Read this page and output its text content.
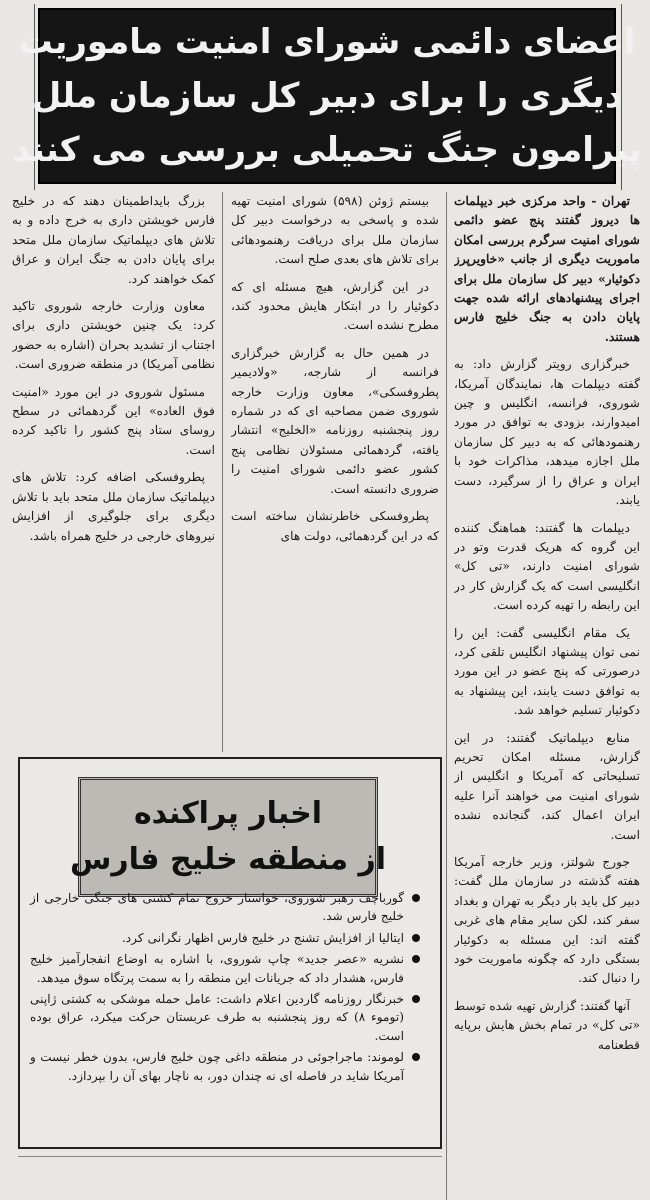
اعضای دائمی شورای امنیت ماموریت
دیگری را برای دبیر کل سازمان ملل
پیرامون جنگ تحمیلی بررسی می کنند

تهران - واحد مرکزی خبر دیپلمات ها دیروز گفتند پنج عضو دائمی شورای امنیت سرگرم بررسی امکان ماموریت دیگری از جانب «خاویرپرز دکوئیار» دبیر کل سازمان ملل برای اجرای پیشنهادهای ارائه شده جهت پایان دادن به جنگ خلیج فارس هستند.

خبرگزاری رویتر گزارش داد: به گفته دیپلمات ها، نمایندگان آمریکا، شوروی، فرانسه، انگلیس و چین امیدوارند، بزودی به توافق در مورد رهنمودهائی که به دبیر کل سازمان ملل اجازه میدهد، مذاکرات خود با ایران و عراق را از سرگیرد، دست یابند.

دیپلمات ها گفتند: هماهنگ کننده این گروه که هریک قدرت وتو در شورای امنیت دارند، «تی کل» انگلیسی است که یک گزارش کار در این رابطه را تهیه کرده است.

یک مقام انگلیسی گفت: این را نمی توان پیشنهاد انگلیس تلقی کرد، درصورتی که پنج عضو در این مورد به توافق دست یابند، این پیشنهاد به دکوئیار تسلیم خواهد شد.

منابع دیپلماتیک گفتند: در این گزارش، مسئله امکان تحریم تسلیحاتی که آمریکا و انگلیس از شورای امنیت می خواهند آنرا علیه ایران اعمال کند، گنجانده نشده است.

جورج شولتز، وزیر خارجه آمریکا هفته گذشته در سازمان ملل گفت: دبیر کل باید بار دیگر به تهران و بغداد سفر کند، لکن سایر مقام های غربی گفته اند: این مسئله به دکوئیار بستگی دارد که چگونه ماموریت خود را دنبال کند.

آنها گفتند: گزارش تهیه شده توسط «تی کل» در تمام بخش هایش برپایه قطعنامه

بیستم ژوئن (۵۹۸) شورای امنیت تهیه شده و پاسخی به درخواست دبیر کل سازمان ملل برای دریافت رهنمودهائی برای تلاش های بعدی صلح است.

در این گزارش، هیچ مسئله ای که دکوئیار را در ابتکار هایش محدود کند، مطرح نشده است.

در همین حال به گزارش خبرگزاری فرانسه از شارجه، «ولادیمیر پطروفسکی»، معاون وزارت خارجه شوروی ضمن مصاحبه ای که در شماره روز پنجشنبه روزنامه «الخلیج» انتشار یافته، گردهمائی مسئولان نظامی پنج کشور عضو دائمی شورای امنیت را ضروری دانسته است.

پطروفسکی خاطرنشان ساخته است که در این گردهمائی، دولت های

بزرگ بایداطمینان دهند که در خلیج فارس خویشتن داری به خرج داده و به تلاش های دیپلماتیک سازمان ملل متحد برای پایان دادن به جنگ ایران و عراق کمک خواهند کرد.

معاون وزارت خارجه شوروی تاکید کرد: یک چنین خویشتن داری برای اجتناب از تشدید بحران (اشاره به حضور نظامی آمریکا) در منطقه ضروری است.

مسئول شوروی در این مورد «امنیت فوق العاده» این گردهمائی در سطح روسای ستاد پنج کشور را تاکید کرده است.

پطروفسکی اضافه کرد: تلاش های دیپلماتیک سازمان ملل متحد باید با تلاش دیگری برای جلوگیری از افزایش نیروهای خارجی در خلیج همراه باشد.

اخبار پراکنده
از منطقه خلیج فارس
گورباچف رهبر شوروی، خواستار خروج تمام کشتی های جنگی خارجی از خلیج فارس شد.
ایتالیا از افزایش تشنج در خلیج فارس اظهار نگرانی کرد.
نشریه «عصر جدید» چاپ شوروی، با اشاره به اوضاع انفجارآمیز خلیج فارس، هشدار داد که جریانات این منطقه را به سمت پرتگاه سوق میدهد.
خبرنگار روزنامه گاردین اعلام داشت: عامل حمله موشکی به کشتی ژاپنی (توموء ۸) که روز پنجشنبه به طرف عربستان حرکت میکرد، عراق بوده است.
لوموند: ماجراجوئی در منطقه داغی چون خلیج فارس، بدون خطر نیست و آمریکا شاید در فاصله ای نه چندان دور، به ناچار بهای آن را بپردازد.
